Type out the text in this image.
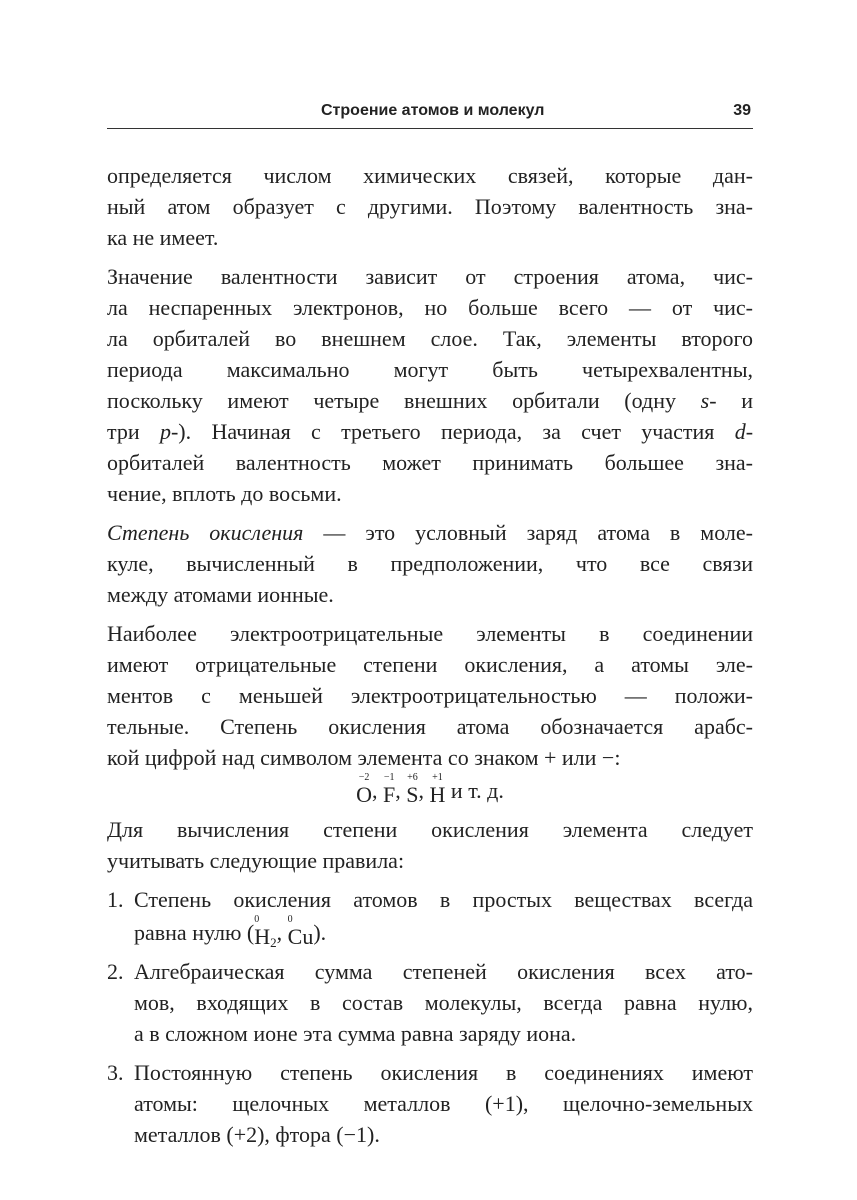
Строение атомов и молекул	39
определяется числом химических связей, которые дан-
ный атом образует с другими. Поэтому валентность зна-
ка не имеет.
Значение валентности зависит от строения атома, чис-
ла неспаренных электронов, но больше всего — от чис-
ла орбиталей во внешнем слое. Так, элементы второго
периода максимально могут быть четырехвалентны,
поскольку имеют четыре внешних орбитали (одну s- и
три p-). Начиная с третьего периода, за счет участия d-
орбиталей валентность может принимать большее зна-
чение, вплоть до восьми.
Степень окисления — это условный заряд атома в моле-
куле, вычисленный в предположении, что все связи
между атомами ионные.
Наиболее электроотрицательные элементы в соединении
имеют отрицательные степени окисления, а атомы эле-
ментов с меньшей электроотрицательностью — положи-
тельные. Степень окисления атома обозначается арабс-
кой цифрой над символом элемента со знаком + или −:
−2
O,
−1
F,
+6
S,
+1
H и т. д.
Для вычисления степени окисления элемента следует
учитывать следующие правила:
1. Степень окисления атомов в простых веществах всегда
равна нулю (
0
$H_2$,
0
Cu).
2. Алгебраическая сумма степеней окисления всех ато-
мов, входящих в состав молекулы, всегда равна нулю,
а в сложном ионе эта сумма равна заряду иона.
3. Постоянную степень окисления в соединениях имеют
атомы: щелочных металлов (+1), щелочно-земельных
металлов (+2), фтора (−1).
